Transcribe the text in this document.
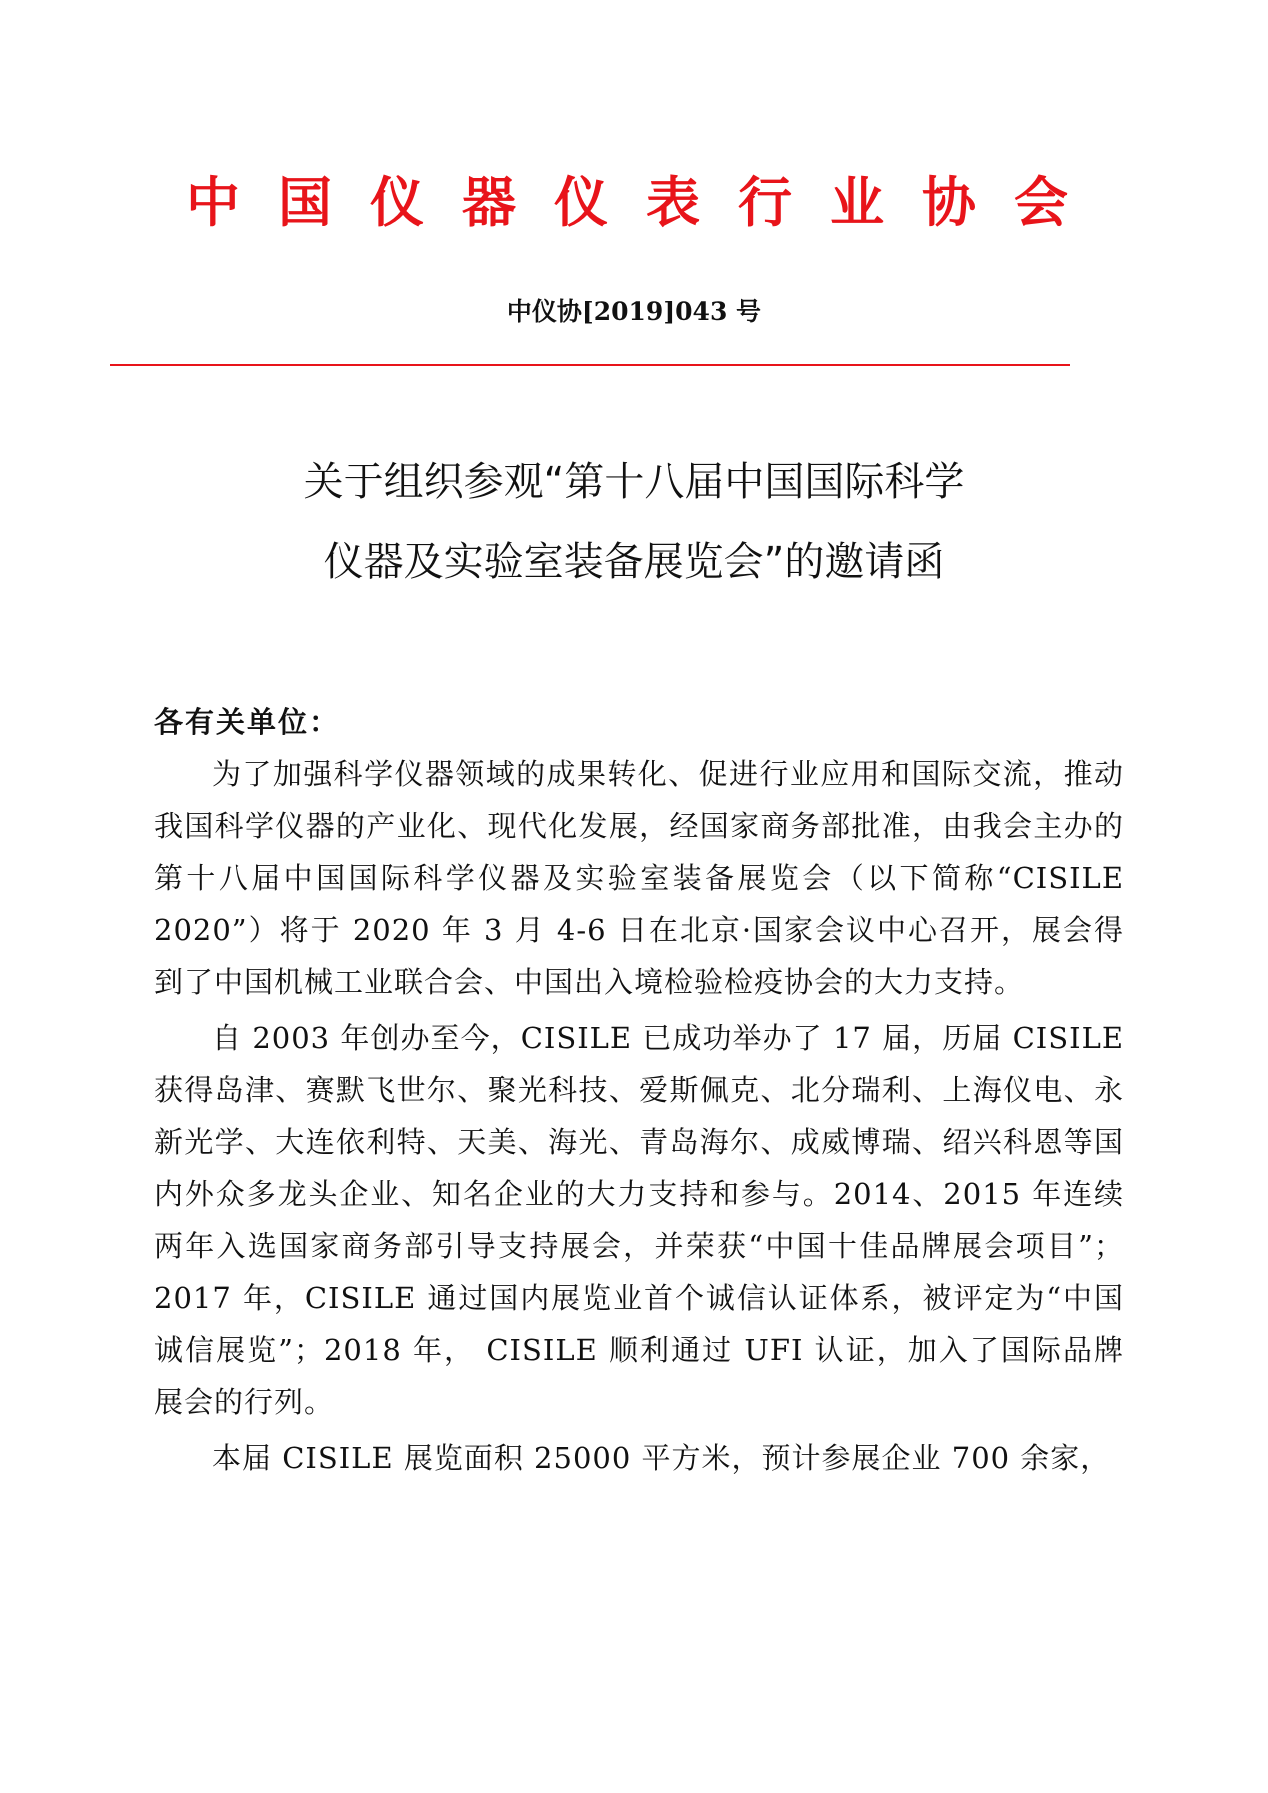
中国仪器仪表行业协会
中仪协[2019]043 号
关于组织参观“第十八届中国国际科学
仪器及实验室装备展览会”的邀请函

各有关单位：

为了加强科学仪器领域的成果转化、促进行业应用和国际交流，推动我国科学仪器的产业化、现代化发展，经国家商务部批准，由我会主办的第十八届中国国际科学仪器及实验室装备展览会（以下简称“CISILE 2020”）将于 2020 年 3 月 4-6 日在北京·国家会议中心召开，展会得到了中国机械工业联合会、中国出入境检验检疫协会的大力支持。

自 2003 年创办至今，CISILE 已成功举办了 17 届，历届 CISILE 获得岛津、赛默飞世尔、聚光科技、爱斯佩克、北分瑞利、上海仪电、永新光学、大连依利特、天美、海光、青岛海尔、成威博瑞、绍兴科恩等国内外众多龙头企业、知名企业的大力支持和参与。2014、2015 年连续两年入选国家商务部引导支持展会，并荣获“中国十佳品牌展会项目”；2017 年，CISILE 通过国内展览业首个诚信认证体系，被评定为“中国诚信展览”；2018 年， CISILE 顺利通过 UFI 认证，加入了国际品牌展会的行列。

本届 CISILE 展览面积 25000 平方米，预计参展企业 700 余家，
